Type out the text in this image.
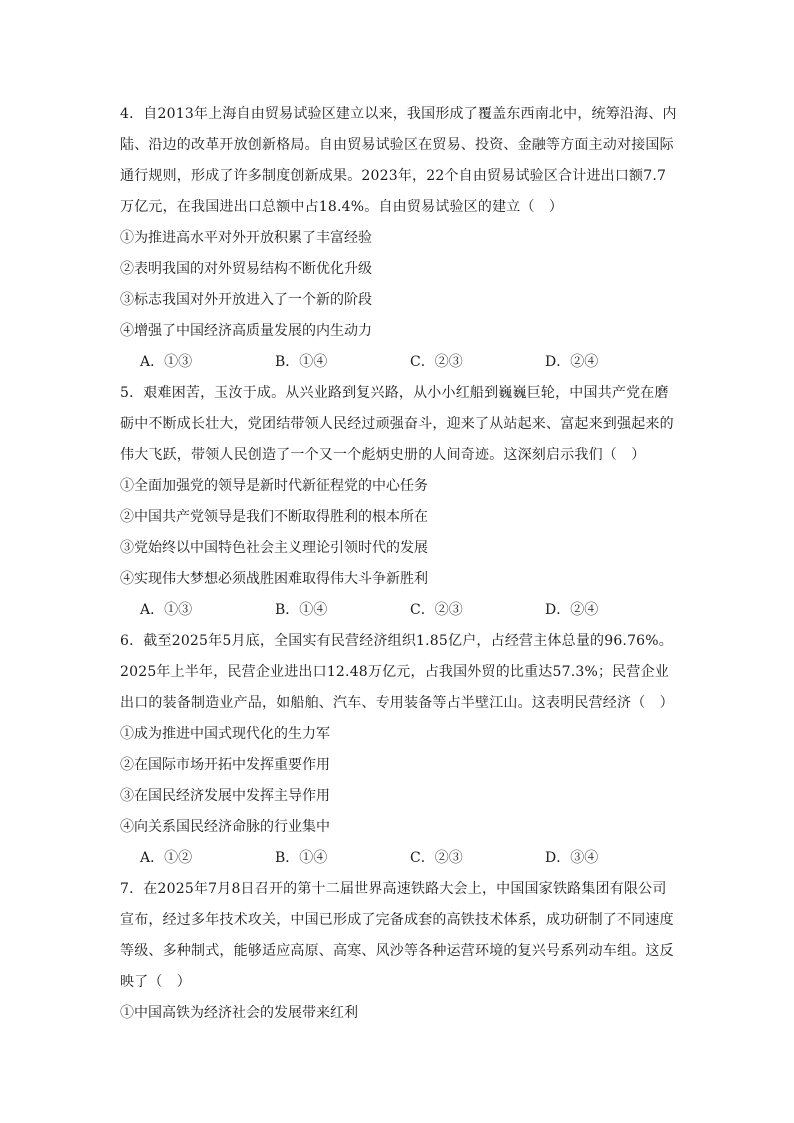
4．自2013年上海自由贸易试验区建立以来，我国形成了覆盖东西南北中，统筹沿海、内陆、沿边的改革开放创新格局。自由贸易试验区在贸易、投资、金融等方面主动对接国际通行规则，形成了许多制度创新成果。2023年，22个自由贸易试验区合计进出口额7.7万亿元，在我国进出口总额中占18.4%。自由贸易试验区的建立（　）

①为推进高水平对外开放积累了丰富经验

②表明我国的对外贸易结构不断优化升级

③标志我国对外开放进入了一个新的阶段

④增强了中国经济高质量发展的内生动力

A．①③	B．①④	C．②③	D．②④

5．艰难困苦，玉汝于成。从兴业路到复兴路，从小小红船到巍巍巨轮，中国共产党在磨砺中不断成长壮大，党团结带领人民经过顽强奋斗，迎来了从站起来、富起来到强起来的伟大飞跃，带领人民创造了一个又一个彪炳史册的人间奇迹。这深刻启示我们（　）

①全面加强党的领导是新时代新征程党的中心任务

②中国共产党领导是我们不断取得胜利的根本所在

③党始终以中国特色社会主义理论引领时代的发展

④实现伟大梦想必须战胜困难取得伟大斗争新胜利

A．①③	B．①④	C．②③	D．②④

6．截至2025年5月底，全国实有民营经济组织1.85亿户，占经营主体总量的96.76%。2025年上半年，民营企业进出口12.48万亿元，占我国外贸的比重达57.3%；民营企业出口的装备制造业产品，如船舶、汽车、专用装备等占半壁江山。这表明民营经济（　）

①成为推进中国式现代化的生力军

②在国际市场开拓中发挥重要作用

③在国民经济发展中发挥主导作用

④向关系国民经济命脉的行业集中

A．①②	B．①④	C．②③	D．③④

7．在2025年7月8日召开的第十二届世界高速铁路大会上，中国国家铁路集团有限公司宣布，经过多年技术攻关，中国已形成了完备成套的高铁技术体系，成功研制了不同速度等级、多种制式，能够适应高原、高寒、风沙等各种运营环境的复兴号系列动车组。这反映了（　）

①中国高铁为经济社会的发展带来红利
